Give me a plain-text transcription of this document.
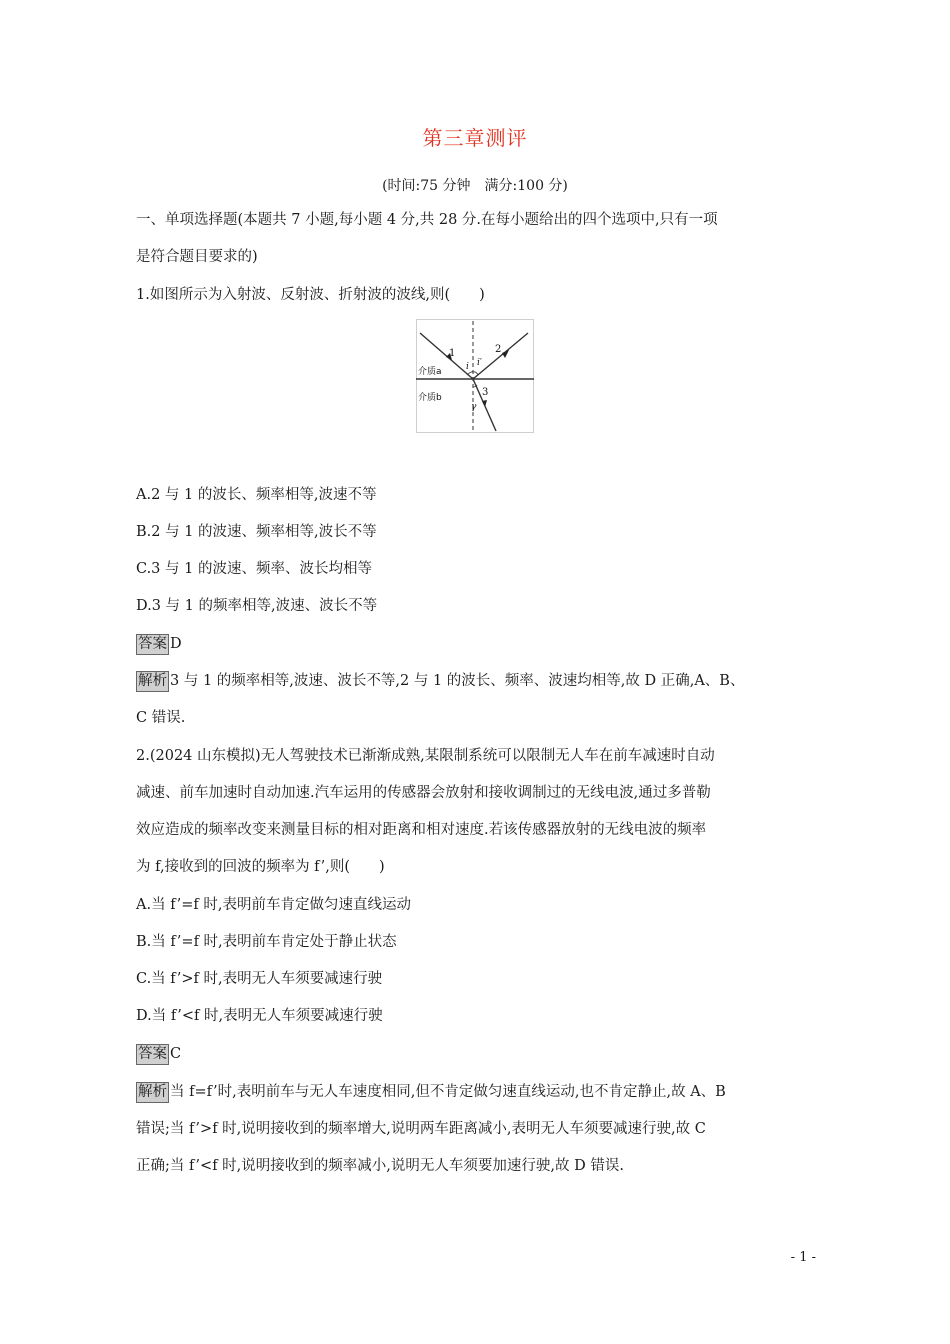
第三章测评
(时间:75 分钟　满分:100 分)
一、单项选择题(本题共 7 小题,每小题 4 分,共 28 分.在每小题给出的四个选项中,只有一项
是符合题目要求的)
1.如图所示为入射波、反射波、折射波的波线,则(　　)
1	2
3
i i′
γ
介质a
介质b
A.2 与 1 的波长、频率相等,波速不等
B.2 与 1 的波速、频率相等,波长不等
C.3 与 1 的波速、频率、波长均相等
D.3 与 1 的频率相等,波速、波长不等
答案 D
解析 3 与 1 的频率相等,波速、波长不等,2 与 1 的波长、频率、波速均相等,故 D 正确,A、B、
C 错误.
2.(2024 山东模拟)无人驾驶技术已渐渐成熟,某限制系统可以限制无人车在前车减速时自动
减速、前车加速时自动加速.汽车运用的传感器会放射和接收调制过的无线电波,通过多普勒
效应造成的频率改变来测量目标的相对距离和相对速度.若该传感器放射的无线电波的频率
为 f,接收到的回波的频率为 f’,则(　　)
A.当 f’=f 时,表明前车肯定做匀速直线运动
B.当 f’=f 时,表明前车肯定处于静止状态
C.当 f’>f 时,表明无人车须要减速行驶
D.当 f’<f 时,表明无人车须要减速行驶
答案 C
解析 当 f=f’时,表明前车与无人车速度相同,但不肯定做匀速直线运动,也不肯定静止,故 A、B
错误;当 f’>f 时,说明接收到的频率增大,说明两车距离减小,表明无人车须要减速行驶,故 C
正确;当 f’<f 时,说明接收到的频率减小,说明无人车须要加速行驶,故 D 错误.
- 1 -
